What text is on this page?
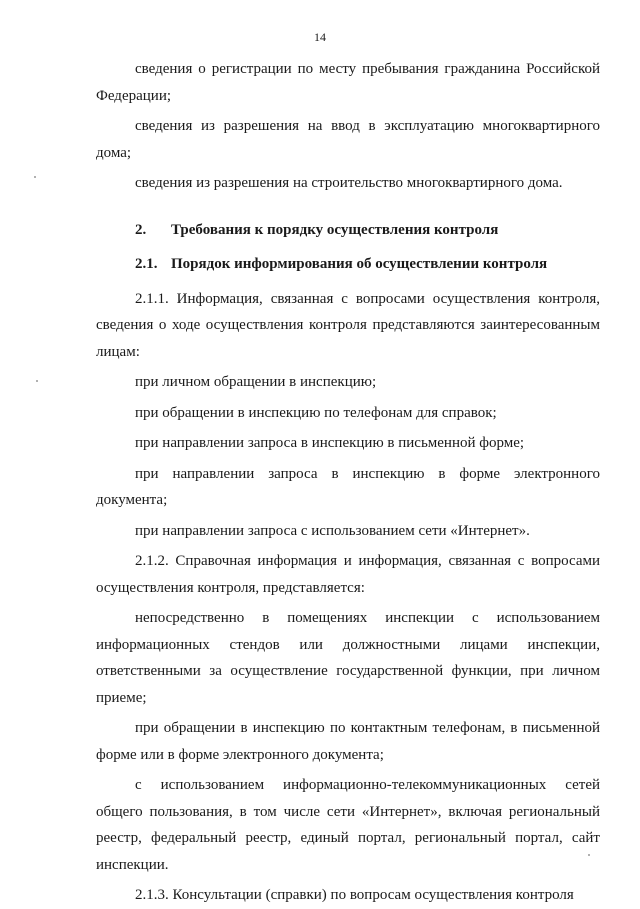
14

сведения о регистрации по месту пребывания гражданина Российской Федерации;

сведения из разрешения на ввод в эксплуатацию многоквартирного дома;

сведения из разрешения на строительство многоквартирного дома.

2. Требования к порядку осуществления контроля

2.1. Порядок информирования об осуществлении контроля

2.1.1. Информация, связанная с вопросами осуществления контроля, сведения о ходе осуществления контроля представляются заинтересованным лицам:

при личном обращении в инспекцию;

при обращении в инспекцию по телефонам для справок;

при направлении запроса в инспекцию в письменной форме;

при направлении запроса в инспекцию в форме электронного документа;

при направлении запроса с использованием сети «Интернет».

2.1.2. Справочная информация и информация, связанная с вопросами осуществления контроля, представляется:

непосредственно в помещениях инспекции с использованием информационных стендов или должностными лицами инспекции, ответственными за осуществление государственной функции, при личном приеме;

при обращении в инспекцию по контактным телефонам, в письменной форме или в форме электронного документа;

с использованием информационно-телекоммуникационных сетей общего пользования, в том числе сети «Интернет», включая региональный реестр, федеральный реестр, единый портал, региональный портал, сайт инспекции.

2.1.3. Консультации (справки) по вопросам осуществления контроля
